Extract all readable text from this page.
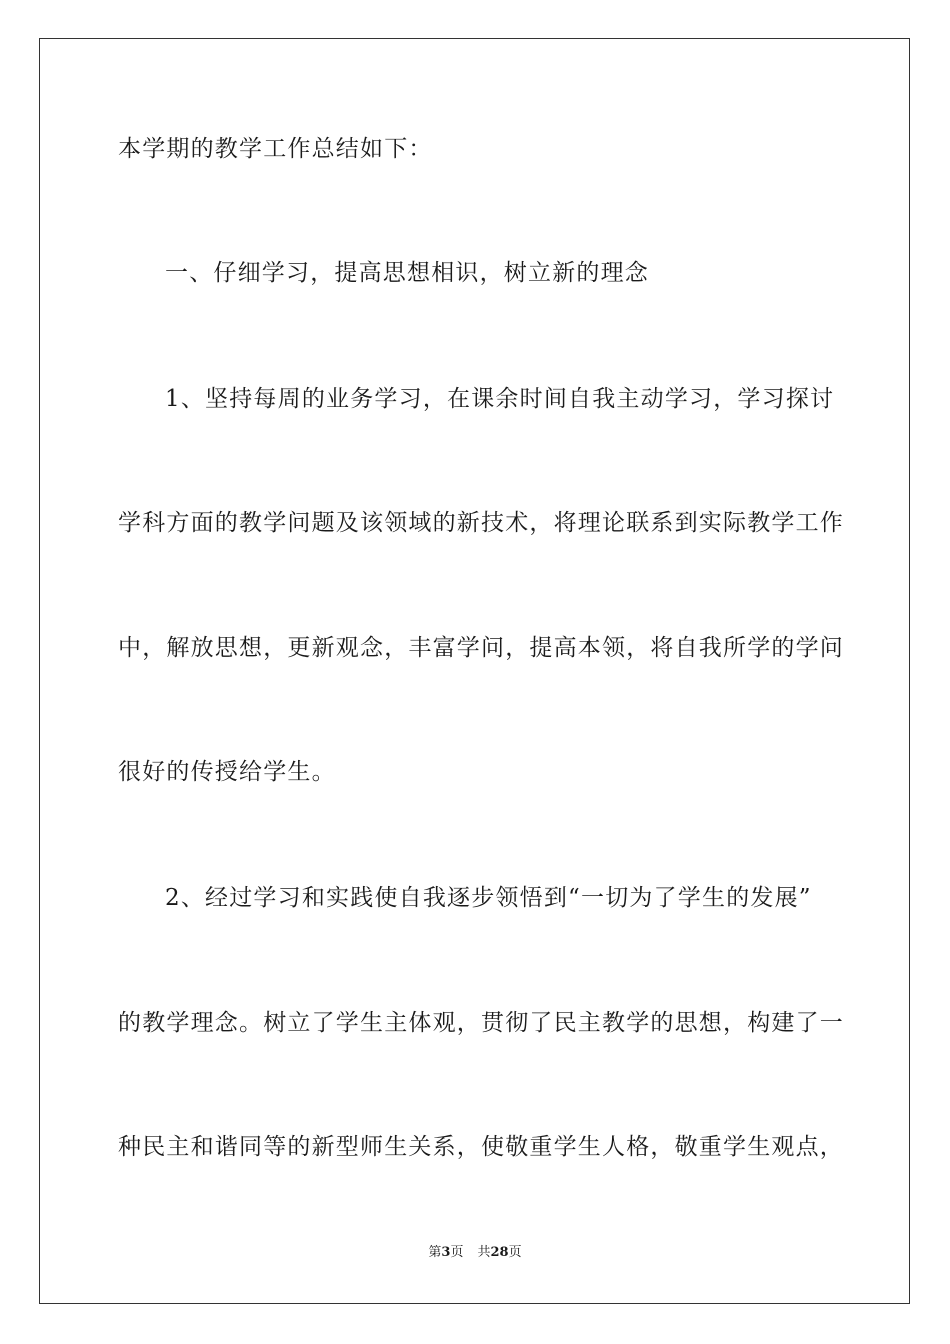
本学期的教学工作总结如下：
一、仔细学习，提高思想相识，树立新的理念
1、坚持每周的业务学习，在课余时间自我主动学习，学习探讨
学科方面的教学问题及该领域的新技术，将理论联系到实际教学工作
中，解放思想，更新观念，丰富学问，提高本领，将自我所学的学问
很好的传授给学生。
2、经过学习和实践使自我逐步领悟到“一切为了学生的发展”
的教学理念。树立了学生主体观，贯彻了民主教学的思想，构建了一
种民主和谐同等的新型师生关系，使敬重学生人格，敬重学生观点，
第3页 共28页
